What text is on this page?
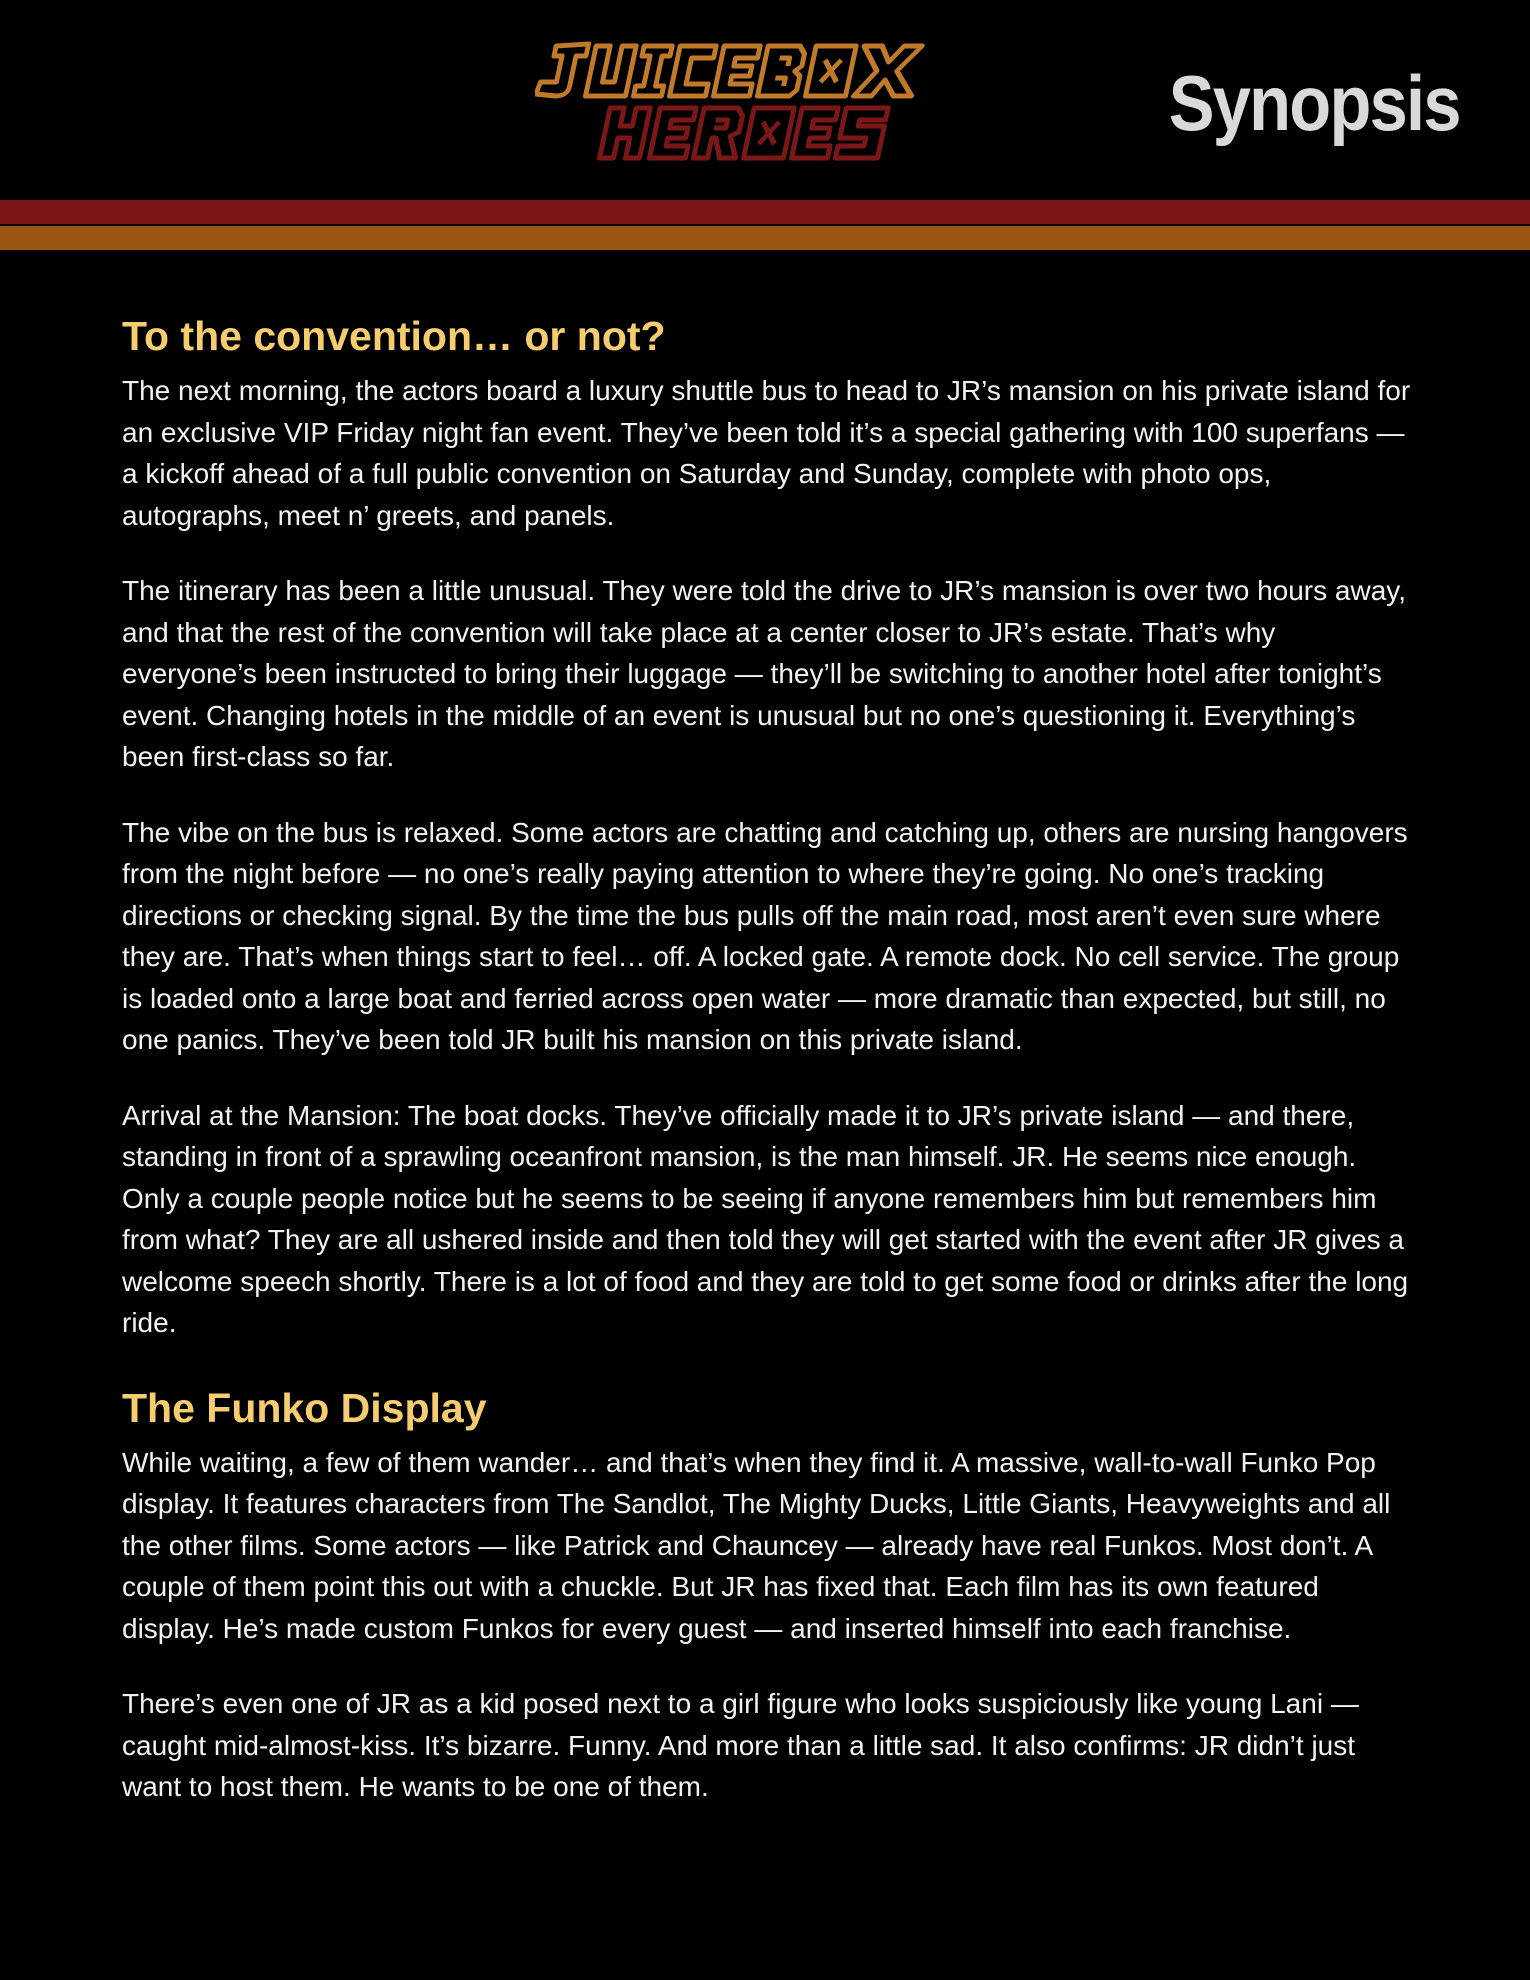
Synopsis
To the convention… or not?

The next morning, the actors board a luxury shuttle bus to head to JR’s mansion on his private island for an exclusive VIP Friday night fan event. They’ve been told it’s a special gathering with 100 superfans — a kickoff ahead of a full public convention on Saturday and Sunday, complete with photo ops, autographs, meet n’ greets, and panels.

The itinerary has been a little unusual. They were told the drive to JR’s mansion is over two hours away, and that the rest of the convention will take place at a center closer to JR’s estate. That’s why everyone’s been instructed to bring their luggage — they’ll be switching to another hotel after tonight’s event. Changing hotels in the middle of an event is unusual but no one’s questioning it. Everything’s been first-class so far.

The vibe on the bus is relaxed. Some actors are chatting and catching up, others are nursing hangovers from the night before — no one’s really paying attention to where they’re going. No one’s tracking directions or checking signal. By the time the bus pulls off the main road, most aren’t even sure where they are. That’s when things start to feel… off. A locked gate. A remote dock. No cell service. The group is loaded onto a large boat and ferried across open water — more dramatic than expected, but still, no one panics. They’ve been told JR built his mansion on this private island.

Arrival at the Mansion: The boat docks. They’ve officially made it to JR’s private island — and there, standing in front of a sprawling oceanfront mansion, is the man himself. JR. He seems nice enough. Only a couple people notice but he seems to be seeing if anyone remembers him but remembers him from what? They are all ushered inside and then told they will get started with the event after JR gives a welcome speech shortly. There is a lot of food and they are told to get some food or drinks after the long ride.

The Funko Display

While waiting, a few of them wander… and that’s when they find it. A massive, wall-to-wall Funko Pop display. It features characters from The Sandlot, The Mighty Ducks, Little Giants, Heavyweights and all the other films. Some actors — like Patrick and Chauncey — already have real Funkos. Most don’t. A couple of them point this out with a chuckle. But JR has fixed that. Each film has its own featured display. He’s made custom Funkos for every guest — and inserted himself into each franchise.

There’s even one of JR as a kid posed next to a girl figure who looks suspiciously like young Lani — caught mid-almost-kiss. It’s bizarre. Funny. And more than a little sad. It also confirms: JR didn’t just want to host them. He wants to be one of them.
